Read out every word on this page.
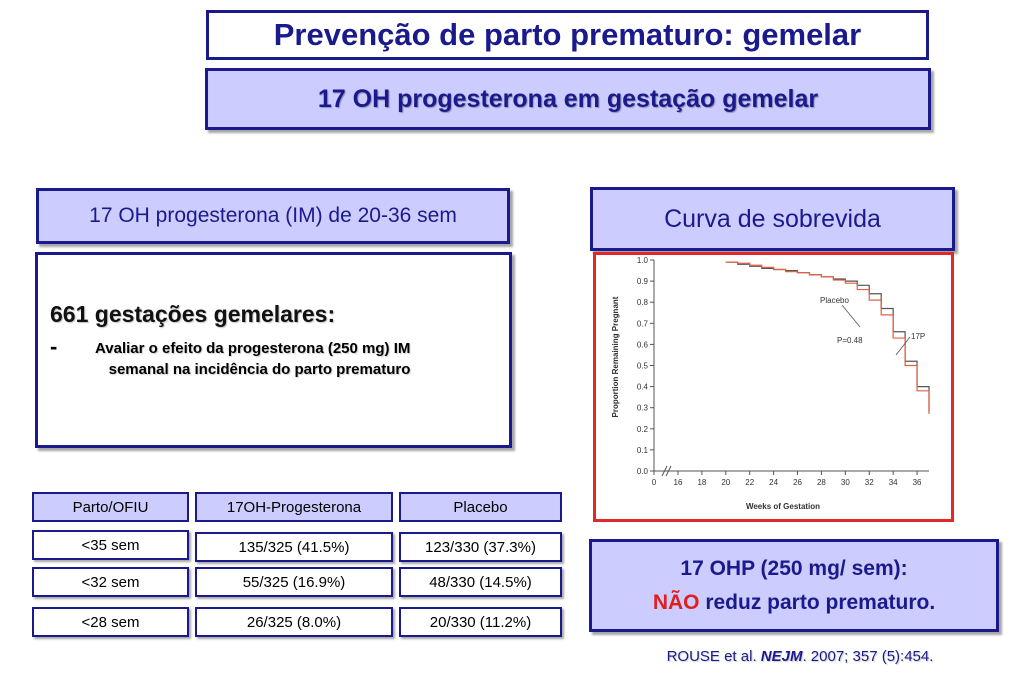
Prevenção de parto prematuro: gemelar
17 OH progesterona em gestação gemelar
17 OH progesterona (IM) de 20-36 sem
661 gestações gemelares:
-	Avaliar o efeito da progesterona (250 mg) IM
semanal na incidência do parto prematuro
Curva de sobrevida
0.0
0.1
0.2
0.3
0.4
0.5
0.6
0.7
0.8
0.9
1.0
0 16 18 20 22 24 26 28 30 32 34 36
Proportion Remaining Pregnant
Weeks of Gestation
Placebo
P=0.48	17P
Parto/OFIU	17OH-Progesterona	Placebo
<35 sem	135/325 (41.5%)	123/330 (37.3%)
<32 sem	55/325 (16.9%)	48/330 (14.5%)
<28 sem	26/325 (8.0%)	20/330 (11.2%)
17 OHP (250 mg/ sem):
NÃO reduz parto prematuro.
ROUSE et al. NEJM. 2007; 357 (5):454.
